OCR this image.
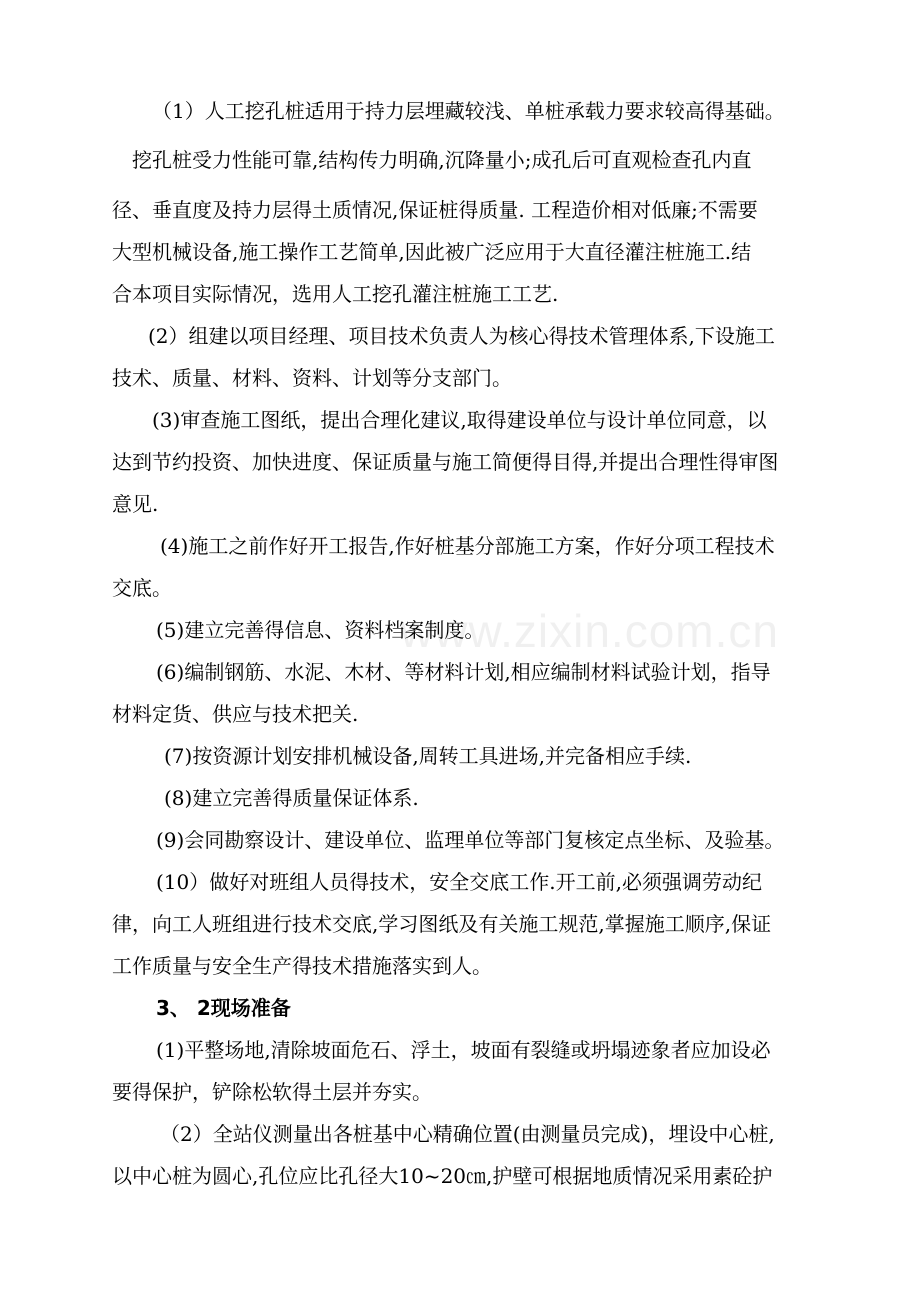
www.zixin.com.cn
（1）人工挖孔桩适用于持力层埋藏较浅、单桩承载力要求较高得基础。
挖孔桩受力性能可靠,结构传力明确,沉降量小;成孔后可直观检查孔内直
径、垂直度及持力层得土质情况,保证桩得质量. 工程造价相对低廉;不需要
大型机械设备,施工操作工艺简单,因此被广泛应用于大直径灌注桩施工.结
合本项目实际情况，选用人工挖孔灌注桩施工工艺.
(2）组建以项目经理、项目技术负责人为核心得技术管理体系,下设施工
技术、质量、材料、资料、计划等分支部门。
(3)审查施工图纸，提出合理化建议,取得建设单位与设计单位同意，以
达到节约投资、加快进度、保证质量与施工简便得目得,并提出合理性得审图
意见.
(4)施工之前作好开工报告,作好桩基分部施工方案，作好分项工程技术
交底。
(5)建立完善得信息、资料档案制度。
(6)编制钢筋、水泥、木材、等材料计划,相应编制材料试验计划，指导
材料定货、供应与技术把关.
(7)按资源计划安排机械设备,周转工具进场,并完备相应手续.
(8)建立完善得质量保证体系.
(9)会同勘察设计、建设单位、监理单位等部门复核定点坐标、及验基。
(10）做好对班组人员得技术，安全交底工作.开工前,必须强调劳动纪
律，向工人班组进行技术交底,学习图纸及有关施工规范,掌握施工顺序,保证
工作质量与安全生产得技术措施落实到人。
3、 2现场准备
(1)平整场地,清除坡面危石、浮土，坡面有裂缝或坍塌迹象者应加设必
要得保护，铲除松软得土层并夯实。
（2）全站仪测量出各桩基中心精确位置(由测量员完成)，埋设中心桩,
以中心桩为圆心,孔位应比孔径大10~20㎝,护壁可根据地质情况采用素砼护
